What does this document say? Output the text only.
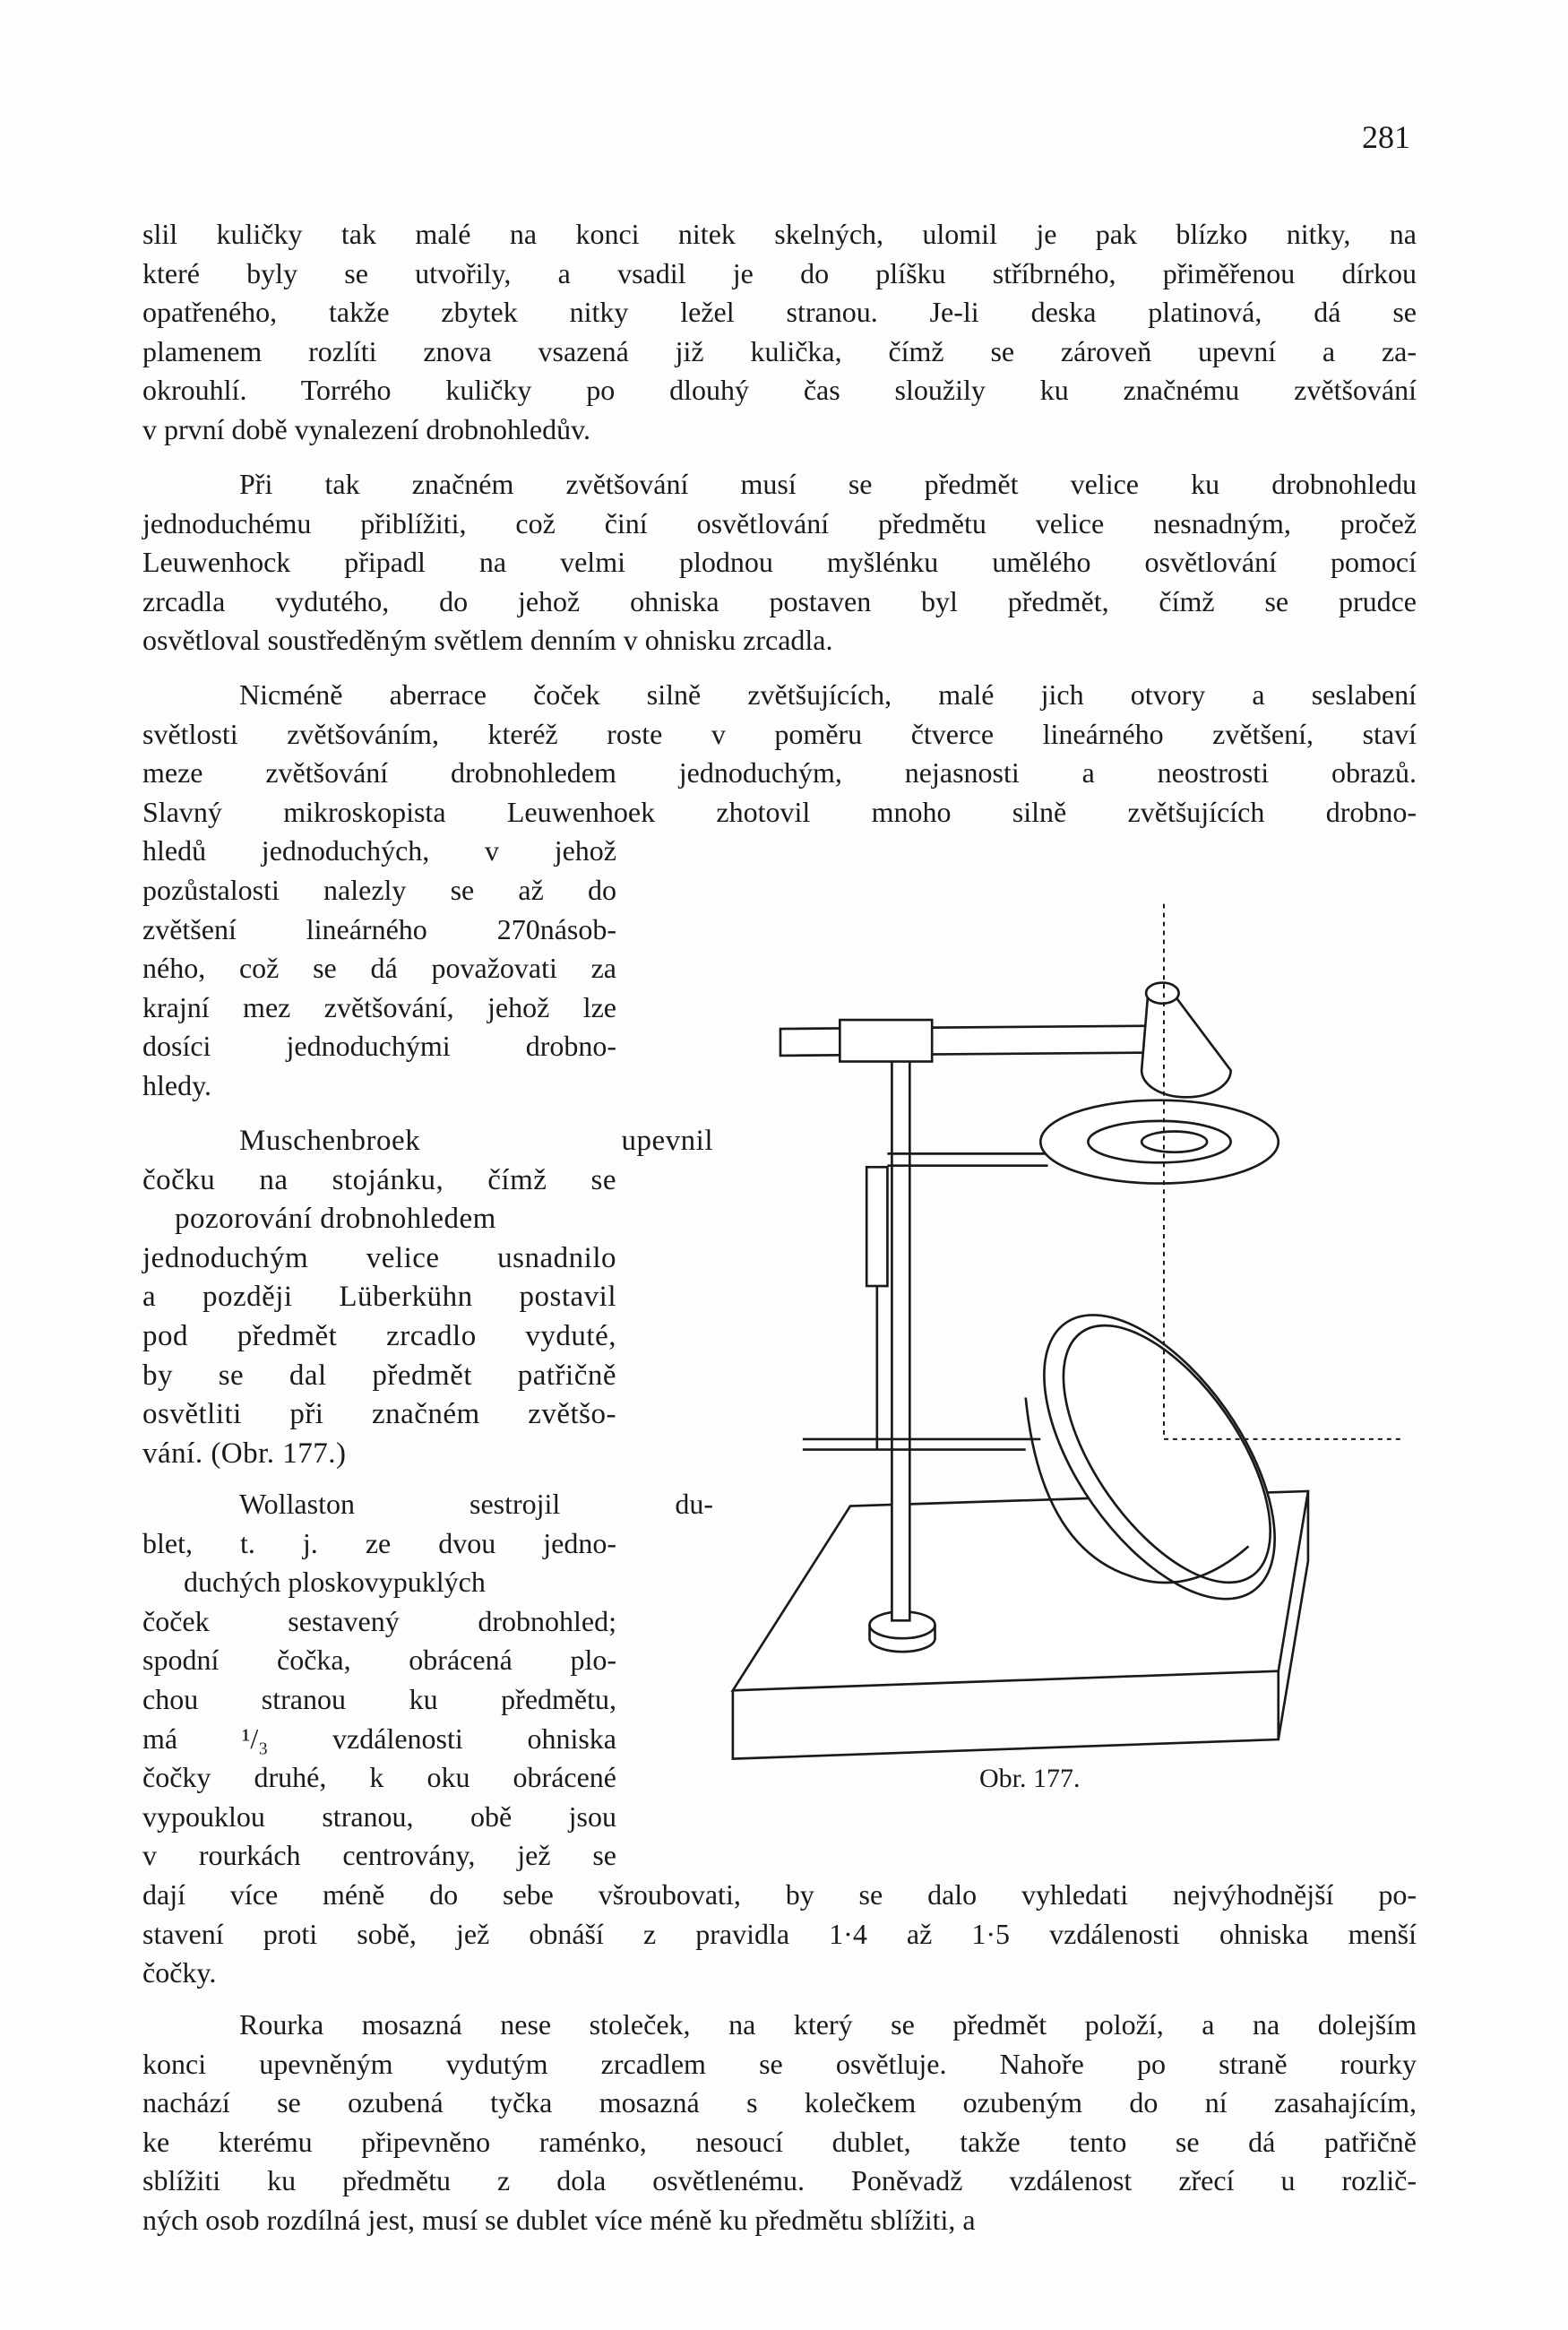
281
slil kuličky tak malé na konci nitek skelných, ulomil je pak blízko nitky, na
které byly se utvořily, a vsadil je do plíšku stříbrného, přiměřenou dírkou
opatřeného, takže zbytek nitky ležel stranou. Je-li deska platinová, dá se
plamenem rozlíti znova vsazená již kulička, čímž se zároveň upevní a za-
okrouhlí. Torrého kuličky po dlouhý čas sloužily ku značnému zvětšování
v první době vynalezení drobnohledův.
Při tak značném zvětšování musí se předmět velice ku drobnohledu
jednoduchému přiblížiti, což činí osvětlování předmětu velice nesnadným, pročež
Leuwenhock připadl na velmi plodnou myšlénku umělého osvětlování pomocí
zrcadla vydutého, do jehož ohniska postaven byl předmět, čímž se prudce
osvětloval soustředěným světlem denním v ohnisku zrcadla.
Nicméně aberrace čoček silně zvětšujících, malé jich otvory a seslabení
světlosti zvětšováním, kteréž roste v poměru čtverce lineárného zvětšení, staví
meze zvětšování drobnohledem jednoduchým, nejasnosti a neostrosti obrazů.
Slavný mikroskopista Leuwenhoek zhotovil mnoho silně zvětšujících drobno-
hledů jednoduchých, v jehož
pozůstalosti nalezly se až do
zvětšení lineárného 270násob-
ného, což se dá považovati za
krajní mez zvětšování, jehož lze
dosíci jednoduchými drobno-
hledy.
Muschenbroek upevnil
čočku na stojánku, čímž se
pozorování drobnohledem
jednoduchým velice usnadnilo
a později Lüberkühn postavil
pod předmět zrcadlo vyduté,
by se dal předmět patřičně
osvětliti při značném zvětšo-
vání. (Obr. 177.)
Wollaston sestrojil du-
blet, t. j. ze dvou jedno-
duchých ploskovypuklých
čoček sestavený drobnohled;
spodní čočka, obrácená plo-
chou stranou ku předmětu,
má ¹/₃ vzdálenosti ohniska
čočky druhé, k oku obrácené
vypouklou stranou, obě jsou
v rourkách centrovány, jež se
dají více méně do sebe všroubovati, by se dalo vyhledati nejvýhodnější po-
stavení proti sobě, jež obnáší z pravidla 1·4 až 1·5 vzdálenosti ohniska menší
čočky.
Rourka mosazná nese stoleček, na který se předmět položí, a na dolejším
konci upevněným vydutým zrcadlem se osvětluje. Nahoře po straně rourky
nachází se ozubená tyčka mosazná s kolečkem ozubeným do ní zasahajícím,
ke kterému připevněno raménko, nesoucí dublet, takže tento se dá patřičně
sblížiti ku předmětu z dola osvětlenému. Poněvadž vzdálenost zřecí u rozlič-
ných osob rozdílná jest, musí se dublet více méně ku předmětu sblížiti, a
Obr. 177.
